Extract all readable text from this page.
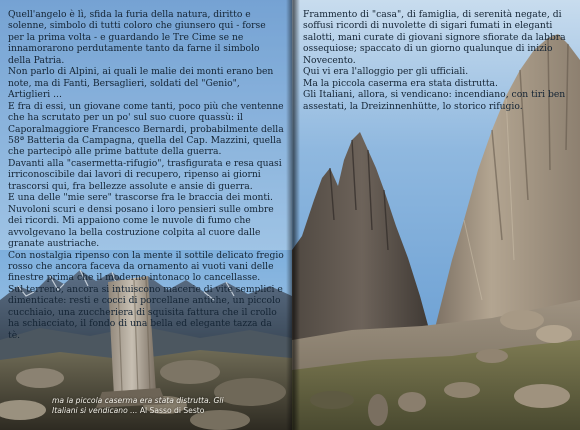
Quell'angelo è lì, sfida la furia della natura, diritto e solenne, simbolo di tutti coloro che giunsero qui - forse per la prima volta - e guardando le Tre Cime se ne innamorarono perdutamente tanto da farne il simbolo della Patria.

Non parlo di Alpini, ai quali le malie dei monti erano ben note, ma di Fanti, Bersaglieri, soldati del "Genio", Artiglieri ...

E fra di essi, un giovane come tanti, poco più che ventenne che ha scrutato per un po' sul suo cuore quassù: il Caporalmaggiore Francesco Bernardi, probabilmente della 58ª Batteria da Campagna, quella del Cap. Mazzini, quella che partecipò alle prime battute della guerra.

Davanti alla "casermetta-rifugio", trasfigurata e resa quasi irriconoscibile dai lavori di recupero, ripenso ai giorni trascorsi qui, fra bellezze assolute e ansie di guerra.

E una delle "mie sere" trascorse fra le braccia dei monti.

Nuvoloni scuri e densi posano i loro pensieri sulle ombre dei ricordi. Mi appaiono come le nuvole di fumo che avvolgevano la bella costruzione colpita al cuore dalle granate austriache.

Con nostalgia ripenso con la mente il sottile delicato fregio rosso che ancora faceva da ornamento ai vuoti vani delle finestre prima che il moderno intonaco lo cancellasse.

Sul terreno, ancora si intuiscono macerie di vite semplici e dimenticate: resti e cocci di porcellane antiche, un piccolo cucchiaio, una zuccheriera di squisita fattura che il crollo ha schiacciato, il fondo di una bella ed elegante tazza da tè.

ma la piccola caserma era stata distrutta. Gli Italiani si vendicano ... Al Sasso di Sesto

Frammento di "casa", di famiglia, di serenità negate, di soffusi ricordi di nuvolette di sigari fumati in eleganti salotti, mani curate di giovani signore sfiorate da labbra ossequiose; spaccato di un giorno qualunque di inizio Novecento.

Qui vi era l'alloggio per gli ufficiali.

Ma la piccola caserma era stata distrutta.

Gli Italiani, allora, si vendicano: incendiano, con tiri ben assestati, la Dreizinnenhütte, lo storico rifugio.
